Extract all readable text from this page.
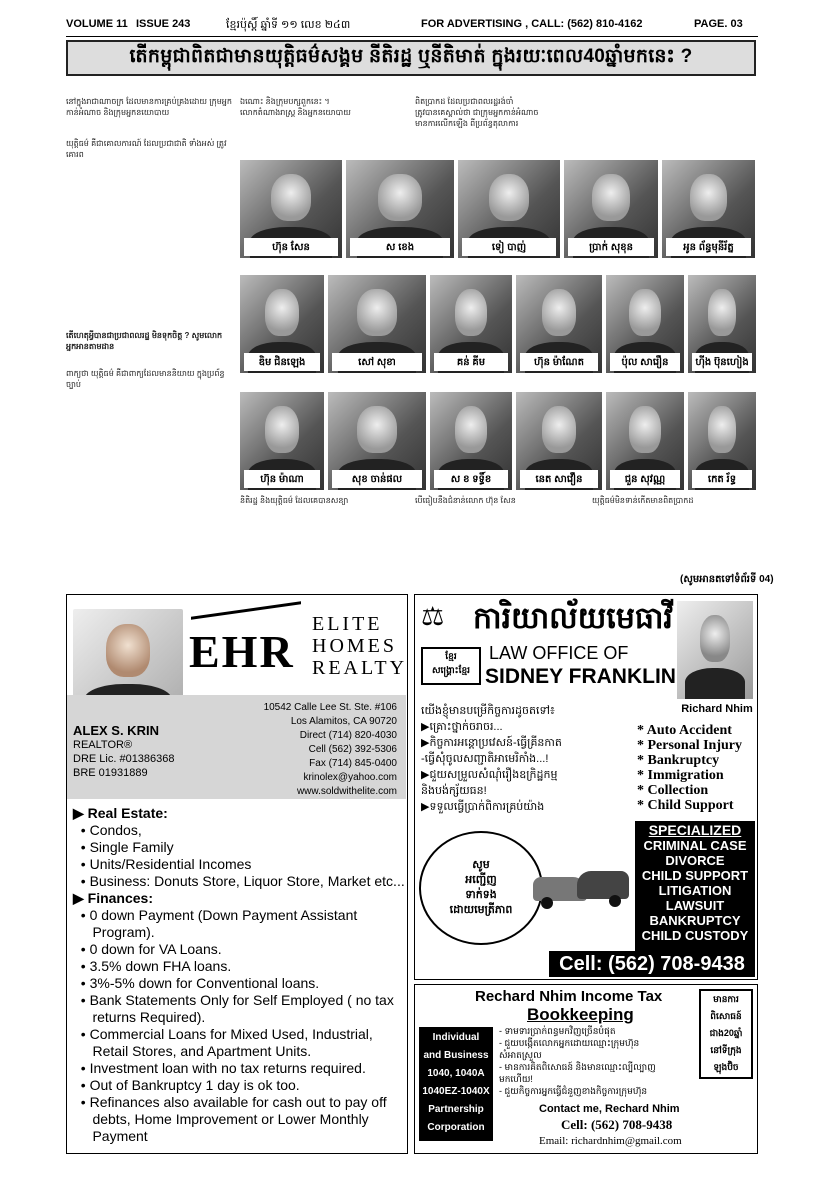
VOLUME 11 ISSUE 243	ខ្មែរប៉ុស្តិ៍ ឆ្នាំទី ១១ លេខ ២៤៣	FOR ADVERTISING , CALL: (562) 810-4162	PAGE. 03
តើកម្ពុជាពិតជាមានយុត្តិធម៌សង្គម នីតិរដ្ឋ ឬនីតិមាត់ ក្នុងរយៈពេល40ឆ្នាំមកនេះ ?

នៅក្នុងរាជាណាចក្រ ដែលមានការគ្រប់គ្រងដោយ ក្រុមអ្នកកាន់អំណាច និងក្រុមអ្នកនយោបាយ

យុត្តិធម៌ គឺជាគោលការណ៍ ដែលប្រជាជាតិ ទាំងអស់ ត្រូវគោរព

តើហេតុអ្វីបានជាប្រជាពលរដ្ឋ មិនទុកចិត្ត ? សូមលោកអ្នកអានតាមដាន

ពាក្យថា យុត្តិធម៌ គឺជាពាក្យដែលមាននិយាយ ក្នុងប្រព័ន្ធច្បាប់

ឯណោះ និងក្រុមបក្សពួកនេះ ។

លោកតំណាងរាស្ត្រ និងអ្នកនយោបាយ

ពិតប្រាកដ ដែលប្រជាពលរដ្ឋរង់ចាំ

ត្រូវបានគេស្គាល់ថា ជាក្រុមអ្នកកាន់អំណាច

មានការលើកឡើង ពីប្រព័ន្ធតុលាការ

ហ៊ុន សែន	ស ខេង	ទៀ បាញ់	ប្រាក់ សុខុន	អូន ព័ន្ធមុនីរ័ត្ន
ឌិម ជិនឡេង	សៅ សុខា	គន់ គីម	ហ៊ុន ម៉ាណែត	ប៉ុល សារឿន	ហ៊ីង ប៊ុនហៀង
ហ៊ុន ម៉ាណា	សុខ ចាន់ផល	ស ខ ទទ្ធិ៍ខ	នេត សាវឿន	ជួន សុវណ្ណ	កេត រ័ទ្ធ

និតិរដ្ឋ និងយុត្តិធម៌ ដែលគេបានសន្យា	បើធៀបនឹងជំនាន់លោក ហ៊ុន សែន	យុត្តិធម៌មិនទាន់កើតមានពិតប្រាកដ

(សូមអានតទៅទំព័រទី 04)
EHR
ELITE
HOMES
REALTY
ALEX S. KRIN
REALTOR®
DRE Lic. #01386368
BRE 01931889
10542 Calle Lee St. Ste. #106
Los Alamitos, CA 90720
Direct (714) 820-4030
Cell (562) 392-5306
Fax (714) 845-0400
krinolex@yahoo.com
www.soldwithelite.com
▶ Real Estate:
• Condos,
• Single Family
• Units/Residential Incomes
• Business: Donuts Store, Liquor Store, Market etc...
▶ Finances:
• 0 down Payment (Down Payment Assistant
Program).
• 0 down for VA Loans.
• 3.5% down FHA loans.
• 3%-5% down for Conventional loans.
• Bank Statements Only for Self Employed ( no tax
returns Required).
• Commercial Loans for Mixed Used, Industrial,
Retail Stores, and Apartment Units.
• Investment loan with no tax returns required.
• Out of Bankruptcy 1 day is ok too.
• Refinances also available for cash out to pay off
debts, Home Improvement or Lower Monthly
Payment
⚖ ការិយាល័យមេធាវី
ខ្មែរ
សង្គ្រោះខ្មែរ
LAW OFFICE OF
SIDNEY FRANKLIN
Richard Nhim
យើងខ្ញុំមានបម្រើកិច្ចការដូចតទៅ៖
▶គ្រោះថ្នាក់ចរាចរ...
▶កិច្ចការអន្តោប្រវេសន៍-ធ្វើគ្រីនកាត
-ធ្វើសុំចូលសញ្ជាតិអាមេរិកាំង...!
▶ជួយសម្រួលសំណុំរឿងឧក្រិដ្ឋកម្ម
និងបង់ក្ស័យធន!
▶ទទួលធ្វើប្រាក់ពិការគ្រប់យ៉ាង
* Auto Accident
* Personal Injury
* Bankruptcy
* Immigration
* Collection
* Child Support
សូម
អញ្ជើញ
ទាក់ទង
ដោយមេត្រីភាព
SPECIALIZED
CRIMINAL CASE
DIVORCE
CHILD SUPPORT
LITIGATION
LAWSUIT
BANKRUPTCY
CHILD CUSTODY
Cell: (562) 708-9438
Rechard Nhim Income Tax
Bookkeeping
Individual
and Business
1040, 1040A
1040EZ-1040X
Partnership
Corporation
- ទាមទារប្រាក់ពន្ធមកវិញច្រើនបំផុត
- ជួយបង្កើតលោកអ្នកដោយឈ្មោះក្រុមហ៊ុន
សំអាតស្រួល
- មានការគិតពិសោធន៍ និងមានឈ្មោះល្បីល្បាញ
មកហើយ!
- ជួយកិច្ចការអ្នកធ្វើជំនួញខាងកិច្ចការក្រុមហ៊ុន
មានការ
ពិសោធន៍
ជាង20ឆ្នាំ
នៅទីក្រុង
ឡុងប៊ិច
Contact me, Rechard Nhim
Cell: (562) 708-9438
Email: richardnhim@gmail.com
